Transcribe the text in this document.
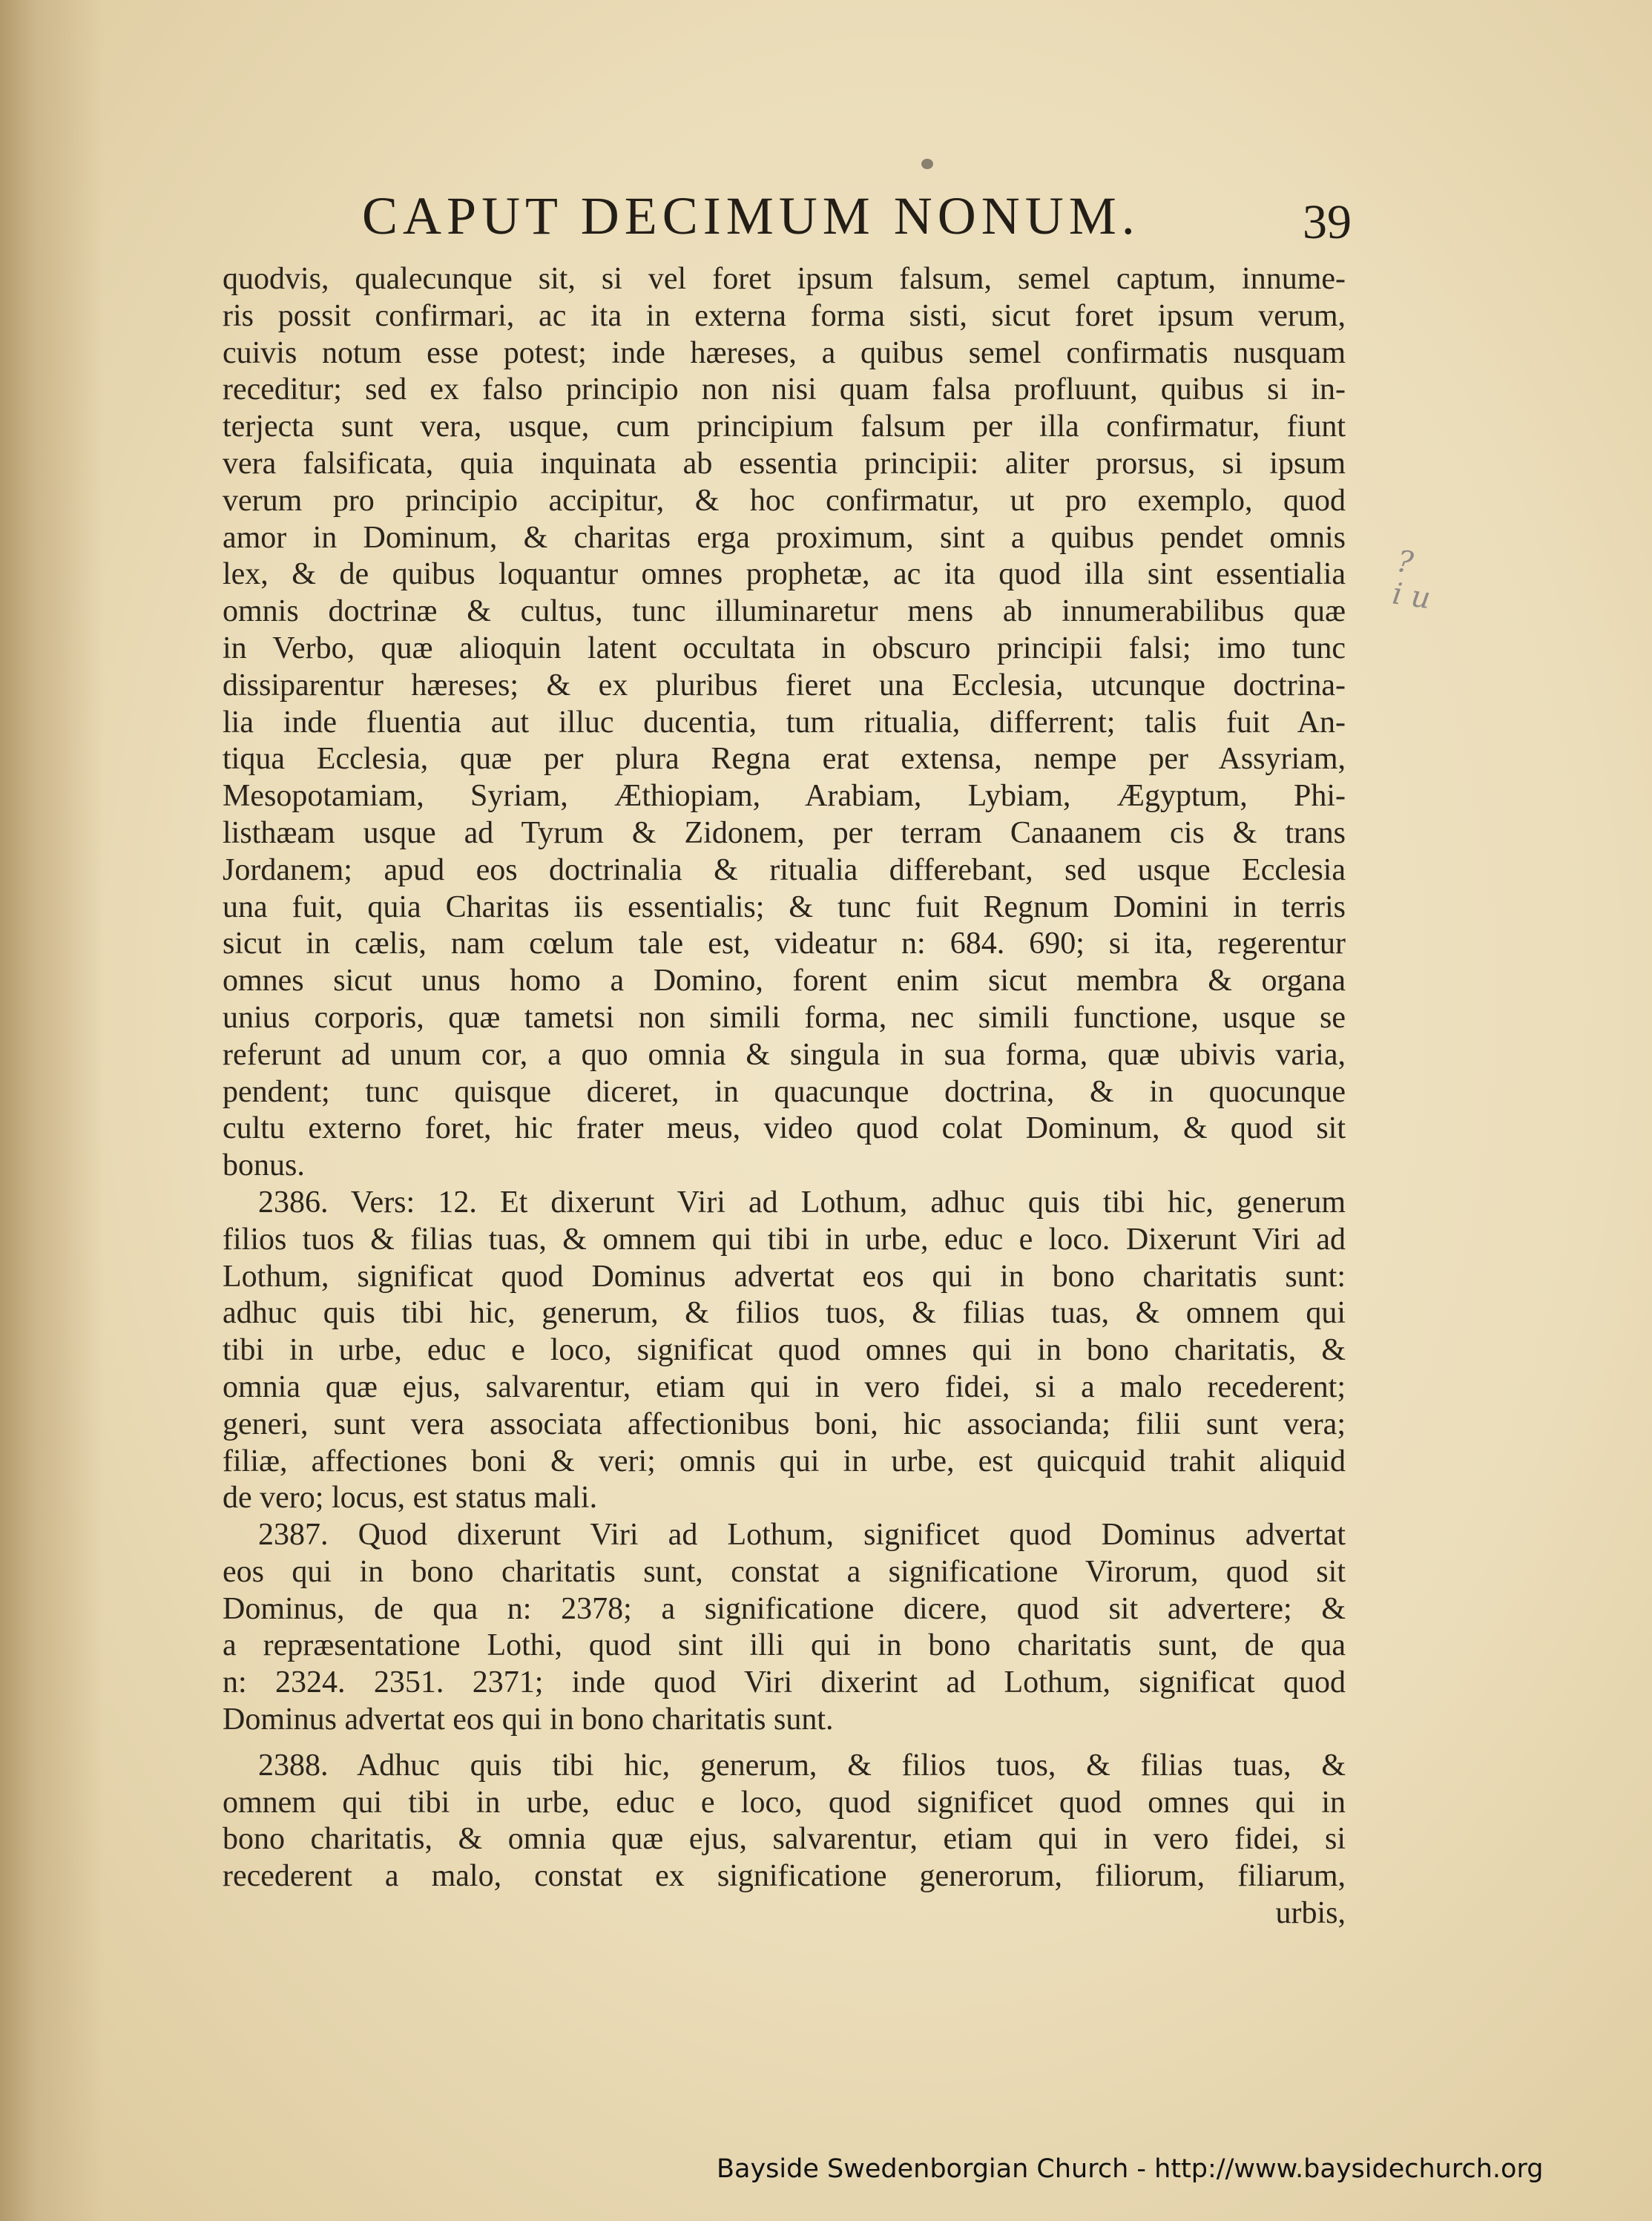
CAPUT DECIMUM NONUM.	39
quodvis, qualecunque sit, si vel foret ipsum falsum, semel captum, innume-
ris possit confirmari, ac ita in externa forma sisti, sicut foret ipsum verum,
cuivis notum esse potest; inde hæreses, a quibus semel confirmatis nusquam
receditur; sed ex falso principio non nisi quam falsa profluunt, quibus si in-
terjecta sunt vera, usque, cum principium falsum per illa confirmatur, fiunt
vera falsificata, quia inquinata ab essentia principii: aliter prorsus, si ipsum
verum pro principio accipitur, & hoc confirmatur, ut pro exemplo, quod
amor in Dominum, & charitas erga proximum, sint a quibus pendet omnis
lex, & de quibus loquantur omnes prophetæ, ac ita quod illa sint essentialia
omnis doctrinæ & cultus, tunc illuminaretur mens ab innumerabilibus quæ
in Verbo, quæ alioquin latent occultata in obscuro principii falsi; imo tunc
dissiparentur hæreses; & ex pluribus fieret una Ecclesia, utcunque doctrina-
lia inde fluentia aut illuc ducentia, tum ritualia, differrent; talis fuit An-
tiqua Ecclesia, quæ per plura Regna erat extensa, nempe per Assyriam,
Mesopotamiam, Syriam, Æthiopiam, Arabiam, Lybiam, Ægyptum, Phi-
listhæam usque ad Tyrum & Zidonem, per terram Canaanem cis & trans
Jordanem; apud eos doctrinalia & ritualia differebant, sed usque Ecclesia
una fuit, quia Charitas iis essentialis; & tunc fuit Regnum Domini in terris
sicut in cælis, nam cœlum tale est, videatur n: 684. 690; si ita, regerentur
omnes sicut unus homo a Domino, forent enim sicut membra & organa
unius corporis, quæ tametsi non simili forma, nec simili functione, usque se
referunt ad unum cor, a quo omnia & singula in sua forma, quæ ubivis varia,
pendent; tunc quisque diceret, in quacunque doctrina, & in quocunque
cultu externo foret, hic frater meus, video quod colat Dominum, & quod sit
bonus.
2386. Vers: 12. Et dixerunt Viri ad Lothum, adhuc quis tibi hic, generum
filios tuos & filias tuas, & omnem qui tibi in urbe, educ e loco. Dixerunt Viri ad
Lothum, significat quod Dominus advertat eos qui in bono charitatis sunt:
adhuc quis tibi hic, generum, & filios tuos, & filias tuas, & omnem qui
tibi in urbe, educ e loco, significat quod omnes qui in bono charitatis, &
omnia quæ ejus, salvarentur, etiam qui in vero fidei, si a malo recederent;
generi, sunt vera associata affectionibus boni, hic associanda; filii sunt vera;
filiæ, affectiones boni & veri; omnis qui in urbe, est quicquid trahit aliquid
de vero; locus, est status mali.
2387. Quod dixerunt Viri ad Lothum, significet quod Dominus advertat
eos qui in bono charitatis sunt, constat a significatione Virorum, quod sit
Dominus, de qua n: 2378; a significatione dicere, quod sit advertere; &
a repræsentatione Lothi, quod sint illi qui in bono charitatis sunt, de qua
n: 2324. 2351. 2371; inde quod Viri dixerint ad Lothum, significat quod
Dominus advertat eos qui in bono charitatis sunt.
2388. Adhuc quis tibi hic, generum, & filios tuos, & filias tuas, &
omnem qui tibi in urbe, educ e loco, quod significet quod omnes qui in
bono charitatis, & omnia quæ ejus, salvarentur, etiam qui in vero fidei, si
recederent a malo, constat ex significatione generorum, filiorum, filiarum,
urbis,
?
i u
Bayside Swedenborgian Church - http://www.baysidechurch.org
